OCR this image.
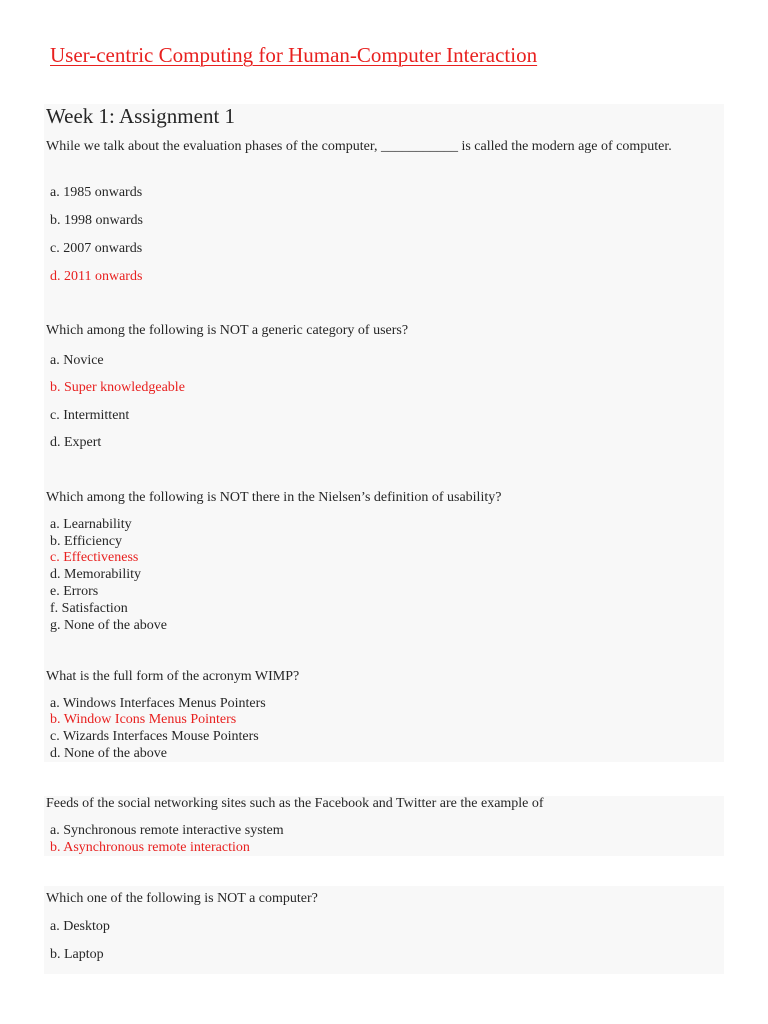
User-centric Computing for Human-Computer Interaction
Week 1: Assignment 1
While we talk about the evaluation phases of the computer, ___________ is called the modern age of computer.
a. 1985 onwards
b. 1998 onwards
c. 2007 onwards
d. 2011 onwards
Which among the following is NOT a generic category of users?
a. Novice
b. Super knowledgeable
c. Intermittent
d. Expert
Which among the following is NOT there in the Nielsen’s definition of usability?
a. Learnability
b. Efficiency
c. Effectiveness
d. Memorability
e. Errors
f. Satisfaction
g. None of the above
What is the full form of the acronym WIMP?
a. Windows Interfaces Menus Pointers
b. Window Icons Menus Pointers
c. Wizards Interfaces Mouse Pointers
d. None of the above
Feeds of the social networking sites such as the Facebook and Twitter are the example of
a. Synchronous remote interactive system
b. Asynchronous remote interaction
Which one of the following is NOT a computer?
a. Desktop
b. Laptop
